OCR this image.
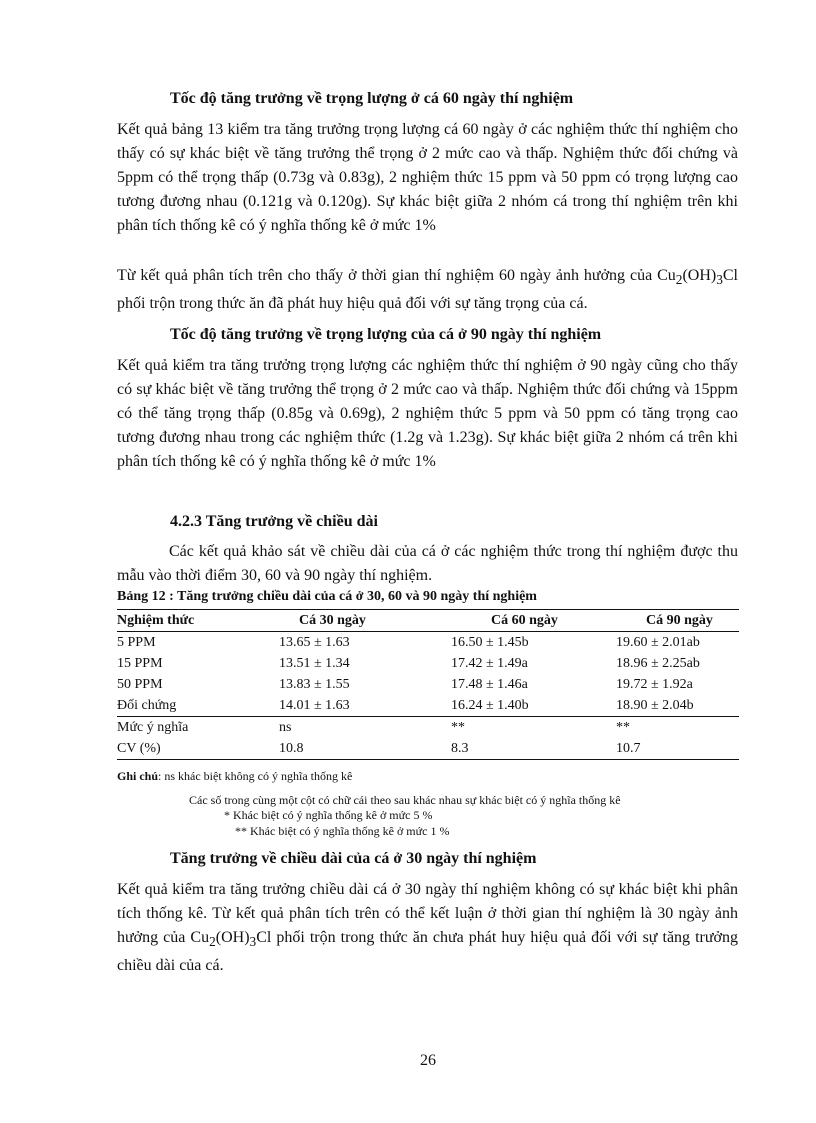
Tốc độ tăng trưởng về trọng lượng ở cá 60 ngày thí nghiệm

Kết quả bảng 13 kiểm tra tăng trưởng trọng lượng cá 60 ngày ở các nghiệm thức thí nghiệm cho thấy có sự khác biệt về tăng trưởng thể trọng ở 2 mức cao và thấp. Nghiệm thức đối chứng và 5ppm có thể trọng thấp (0.73g và 0.83g), 2 nghiệm thức 15 ppm và 50 ppm có trọng lượng cao tương đương nhau (0.121g và 0.120g). Sự khác biệt giữa 2 nhóm cá trong thí nghiệm trên khi phân tích thống kê có ý nghĩa thống kê ở mức 1%

Từ kết quả phân tích trên cho thấy ở thời gian thí nghiệm 60 ngày ảnh hưởng của $Cu_2(OH)_3Cl$ phối trộn trong thức ăn đã phát huy hiệu quả đối với sự tăng trọng của cá.

Tốc độ tăng trưởng về trọng lượng của cá ở 90 ngày thí nghiệm

Kết quả kiểm tra tăng trưởng trọng lượng các nghiệm thức thí nghiệm ở 90 ngày cũng cho thấy có sự khác biệt về tăng trưởng thể trọng ở 2 mức cao và thấp. Nghiệm thức đối chứng và 15ppm có thể tăng trọng thấp (0.85g và 0.69g), 2 nghiệm thức 5 ppm và 50 ppm có tăng trọng cao tương đương nhau trong các nghiệm thức (1.2g và 1.23g). Sự khác biệt giữa 2 nhóm cá trên khi phân tích thống kê có ý nghĩa thống kê ở mức 1%

4.2.3 Tăng trưởng về chiều dài

Các kết quả khảo sát về chiều dài của cá ở các nghiệm thức trong thí nghiệm được thu mẫu vào thời điểm 30, 60 và 90 ngày thí nghiệm.

Bảng 12 : Tăng trưởng chiều dài của cá ở 30, 60 và 90 ngày thí nghiệm
Nghiệm thức	Cá 30 ngày	Cá 60 ngày	Cá 90 ngày
5 PPM	13.65 ± 1.63	16.50 ± 1.45b	19.60 ± 2.01ab
15 PPM	13.51 ± 1.34	17.42 ± 1.49a	18.96 ± 2.25ab
50 PPM	13.83 ± 1.55	17.48 ± 1.46a	19.72 ± 1.92a
Đối chứng	14.01 ± 1.63	16.24 ± 1.40b	18.90 ± 2.04b
Mức ý nghĩa	ns	**	**
CV (%)	10.8	8.3	10.7
Ghi chú: ns khác biệt không có ý nghĩa thống kê
Các số trong cùng một cột có chữ cái theo sau khác nhau sự khác biệt có ý nghĩa thống kê
* Khác biệt có ý nghĩa thống kê ở mức 5 %
** Khác biệt có ý nghĩa thống kê ở mức 1 %
Tăng trưởng về chiều dài của cá ở 30 ngày thí nghiệm

Kết quả kiểm tra tăng trưởng chiều dài cá ở 30 ngày thí nghiệm không có sự khác biệt khi phân tích thống kê. Từ kết quả phân tích trên có thể kết luận ở thời gian thí nghiệm là 30 ngày ảnh hưởng của $Cu_2(OH)_3Cl$ phối trộn trong thức ăn chưa phát huy hiệu quả đối với sự tăng trưởng chiều dài của cá.

26
